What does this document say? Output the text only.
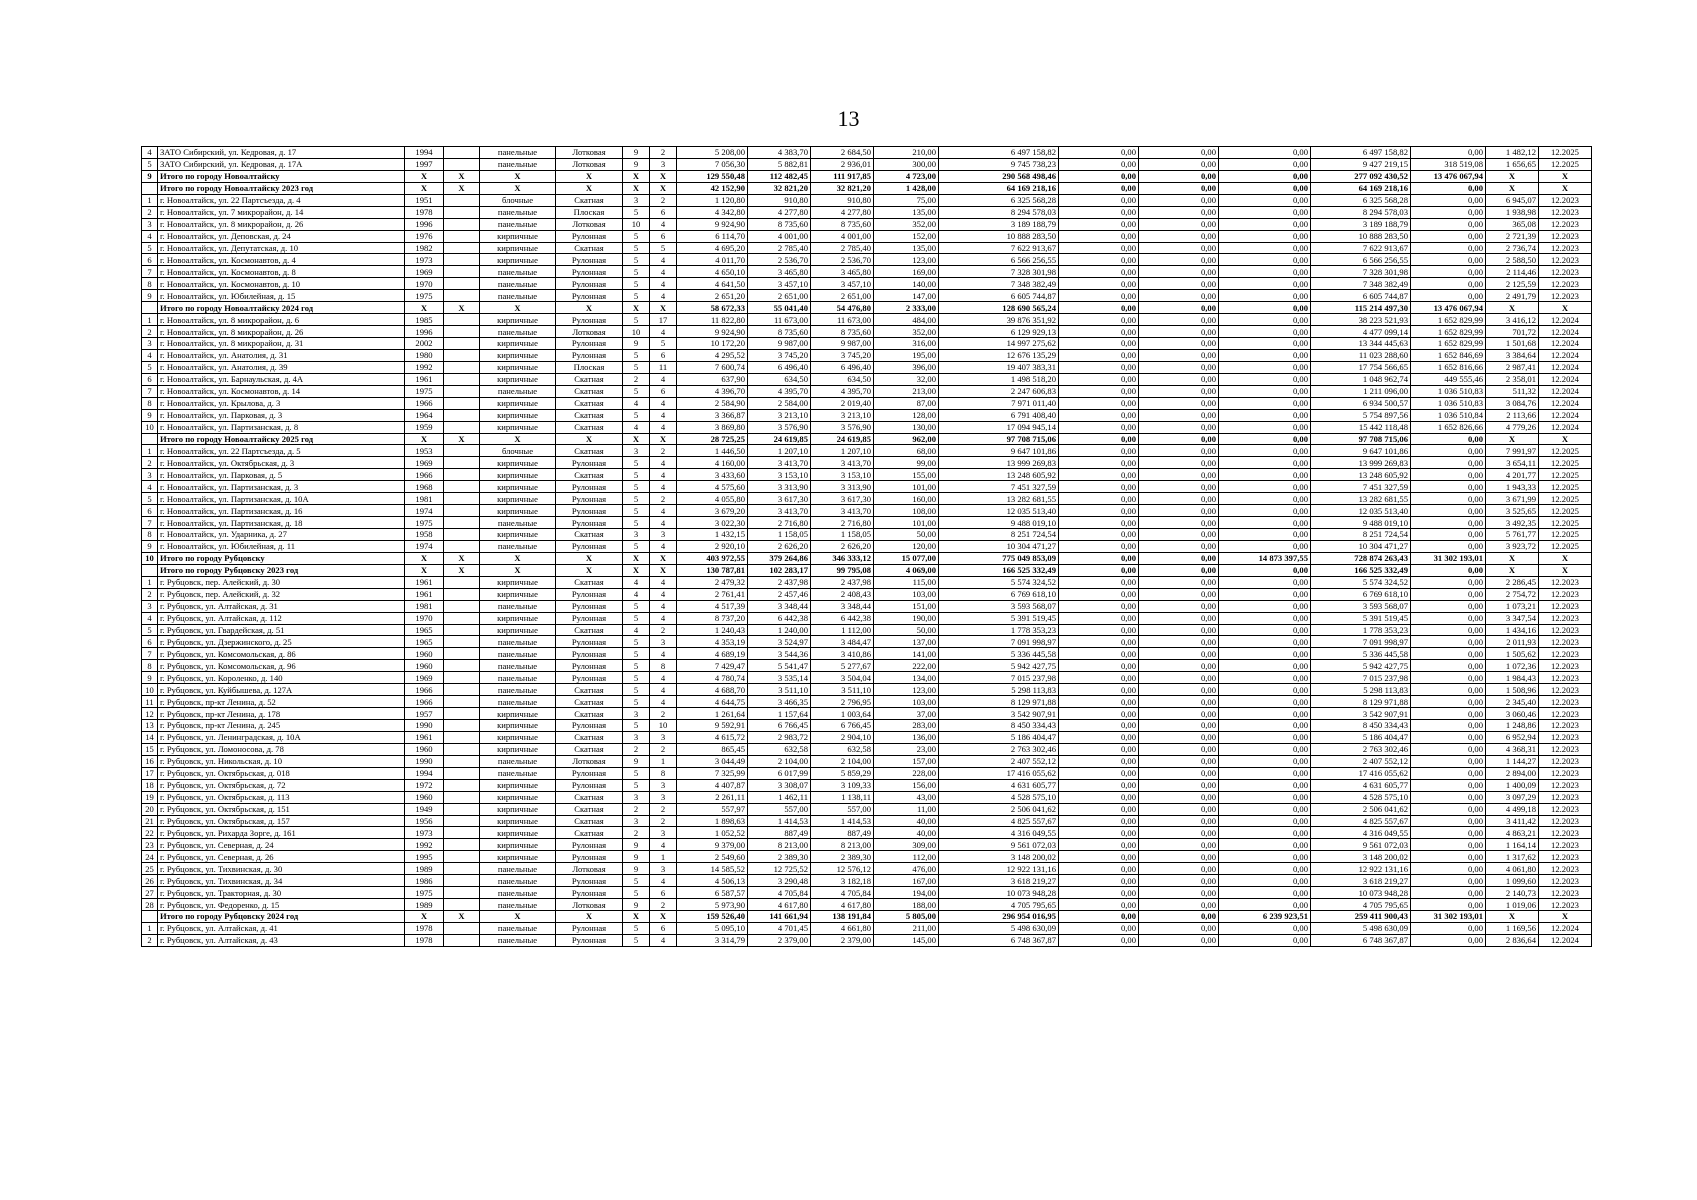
13
4	ЗАТО Сибирский, ул. Кедровая, д. 17	1994		панельные	Лотковая	9	2	5 208,00	4 383,70	2 684,50	210,00	6 497 158,82	0,00	0,00	0,00	6 497 158,82	0,00	1 482,12	12.2025
5	ЗАТО Сибирский, ул. Кедровая, д. 17А	1997		панельные	Лотковая	9	3	7 056,30	5 882,81	2 936,01	300,00	9 745 738,23	0,00	0,00	0,00	9 427 219,15	318 519,08	1 656,65	12.2025
9	Итого по городу Новоалтайску	X	X	X	X	X	X	129 550,48	112 482,45	111 917,85	4 723,00	290 568 498,46	0,00	0,00	0,00	277 092 430,52	13 476 067,94	X	X
	Итого по городу Новоалтайску 2023 год	X	X	X	X	X	X	42 152,90	32 821,20	32 821,20	1 428,00	64 169 218,16	0,00	0,00	0,00	64 169 218,16	0,00	X	X
1	г. Новоалтайск, ул. 22 Партсъезда, д. 4	1951		блочные	Скатная	3	2	1 120,80	910,80	910,80	75,00	6 325 568,28	0,00	0,00	0,00	6 325 568,28	0,00	6 945,07	12.2023
2	г. Новоалтайск, ул. 7 микрорайон, д. 14	1978		панельные	Плоская	5	6	4 342,80	4 277,80	4 277,80	135,00	8 294 578,03	0,00	0,00	0,00	8 294 578,03	0,00	1 938,98	12.2023
3	г. Новоалтайск, ул. 8 микрорайон, д. 26	1996		панельные	Лотковая	10	4	9 924,90	8 735,60	8 735,60	352,00	3 189 188,79	0,00	0,00	0,00	3 189 188,79	0,00	365,08	12.2023
4	г. Новоалтайск, ул. Деповская, д. 24	1976		кирпичные	Рулонная	5	6	6 114,70	4 001,00	4 001,00	152,00	10 888 283,50	0,00	0,00	0,00	10 888 283,50	0,00	2 721,39	12.2023
5	г. Новоалтайск, ул. Депутатская, д. 10	1982		кирпичные	Скатная	5	5	4 695,20	2 785,40	2 785,40	135,00	7 622 913,67	0,00	0,00	0,00	7 622 913,67	0,00	2 736,74	12.2023
6	г. Новоалтайск, ул. Космонавтов, д. 4	1973		кирпичные	Рулонная	5	4	4 011,70	2 536,70	2 536,70	123,00	6 566 256,55	0,00	0,00	0,00	6 566 256,55	0,00	2 588,50	12.2023
7	г. Новоалтайск, ул. Космонавтов, д. 8	1969		панельные	Рулонная	5	4	4 650,10	3 465,80	3 465,80	169,00	7 328 301,98	0,00	0,00	0,00	7 328 301,98	0,00	2 114,46	12.2023
8	г. Новоалтайск, ул. Космонавтов, д. 10	1970		панельные	Рулонная	5	4	4 641,50	3 457,10	3 457,10	140,00	7 348 382,49	0,00	0,00	0,00	7 348 382,49	0,00	2 125,59	12.2023
9	г. Новоалтайск, ул. Юбилейная, д. 15	1975		панельные	Рулонная	5	4	2 651,20	2 651,00	2 651,00	147,00	6 605 744,87	0,00	0,00	0,00	6 605 744,87	0,00	2 491,79	12.2023
	Итого по городу Новоалтайску 2024 год	X	X	X	X	X	X	58 672,33	55 041,40	54 476,80	2 333,00	128 690 565,24	0,00	0,00	0,00	115 214 497,30	13 476 067,94	X	X
1	г. Новоалтайск, ул. 8 микрорайон, д. 6	1985		кирпичные	Рулонная	5	17	11 822,80	11 673,00	11 673,00	484,00	39 876 351,92	0,00	0,00	0,00	38 223 521,93	1 652 829,99	3 416,12	12.2024
2	г. Новоалтайск, ул. 8 микрорайон, д. 26	1996		панельные	Лотковая	10	4	9 924,90	8 735,60	8 735,60	352,00	6 129 929,13	0,00	0,00	0,00	4 477 099,14	1 652 829,99	701,72	12.2024
3	г. Новоалтайск, ул. 8 микрорайон, д. 31	2002		кирпичные	Рулонная	9	5	10 172,20	9 987,00	9 987,00	316,00	14 997 275,62	0,00	0,00	0,00	13 344 445,63	1 652 829,99	1 501,68	12.2024
4	г. Новоалтайск, ул. Анатолия, д. 31	1980		кирпичные	Рулонная	5	6	4 295,52	3 745,20	3 745,20	195,00	12 676 135,29	0,00	0,00	0,00	11 023 288,60	1 652 846,69	3 384,64	12.2024
5	г. Новоалтайск, ул. Анатолия, д. 39	1992		кирпичные	Плоская	5	11	7 600,74	6 496,40	6 496,40	396,00	19 407 383,31	0,00	0,00	0,00	17 754 566,65	1 652 816,66	2 987,41	12.2024
6	г. Новоалтайск, ул. Барнаульская, д. 4А	1961		кирпичные	Скатная	2	4	637,90	634,50	634,50	32,00	1 498 518,20	0,00	0,00	0,00	1 048 962,74	449 555,46	2 358,01	12.2024
7	г. Новоалтайск, ул. Космонавтов, д. 14	1975		панельные	Скатная	5	6	4 396,70	4 395,70	4 395,70	213,00	2 247 606,83	0,00	0,00	0,00	1 211 096,00	1 036 510,83	511,32	12.2024
8	г. Новоалтайск, ул. Крылова, д. 3	1966		кирпичные	Скатная	4	4	2 584,90	2 584,00	2 019,40	87,00	7 971 011,40	0,00	0,00	0,00	6 934 500,57	1 036 510,83	3 084,76	12.2024
9	г. Новоалтайск, ул. Парковая, д. 3	1964		кирпичные	Скатная	5	4	3 366,87	3 213,10	3 213,10	128,00	6 791 408,40	0,00	0,00	0,00	5 754 897,56	1 036 510,84	2 113,66	12.2024
10	г. Новоалтайск, ул. Партизанская, д. 8	1959		кирпичные	Скатная	4	4	3 869,80	3 576,90	3 576,90	130,00	17 094 945,14	0,00	0,00	0,00	15 442 118,48	1 652 826,66	4 779,26	12.2024
	Итого по городу Новоалтайску 2025 год	X	X	X	X	X	X	28 725,25	24 619,85	24 619,85	962,00	97 708 715,06	0,00	0,00	0,00	97 708 715,06	0,00	X	X
1	г. Новоалтайск, ул. 22 Партсъезда, д. 5	1953		блочные	Скатная	3	2	1 446,50	1 207,10	1 207,10	68,00	9 647 101,86	0,00	0,00	0,00	9 647 101,86	0,00	7 991,97	12.2025
2	г. Новоалтайск, ул. Октябрьская, д. 3	1969		кирпичные	Рулонная	5	4	4 160,00	3 413,70	3 413,70	99,00	13 999 269,83	0,00	0,00	0,00	13 999 269,83	0,00	3 654,11	12.2025
3	г. Новоалтайск, ул. Парковая, д. 5	1966		кирпичные	Скатная	5	4	3 433,60	3 153,10	3 153,10	155,00	13 248 605,92	0,00	0,00	0,00	13 248 605,92	0,00	4 201,77	12.2025
4	г. Новоалтайск, ул. Партизанская, д. 3	1968		кирпичные	Рулонная	5	4	4 575,60	3 313,90	3 313,90	101,00	7 451 327,59	0,00	0,00	0,00	7 451 327,59	0,00	1 943,33	12.2025
5	г. Новоалтайск, ул. Партизанская, д. 10А	1981		кирпичные	Рулонная	5	2	4 055,80	3 617,30	3 617,30	160,00	13 282 681,55	0,00	0,00	0,00	13 282 681,55	0,00	3 671,99	12.2025
6	г. Новоалтайск, ул. Партизанская, д. 16	1974		кирпичные	Рулонная	5	4	3 679,20	3 413,70	3 413,70	108,00	12 035 513,40	0,00	0,00	0,00	12 035 513,40	0,00	3 525,65	12.2025
7	г. Новоалтайск, ул. Партизанская, д. 18	1975		панельные	Рулонная	5	4	3 022,30	2 716,80	2 716,80	101,00	9 488 019,10	0,00	0,00	0,00	9 488 019,10	0,00	3 492,35	12.2025
8	г. Новоалтайск, ул. Ударника, д. 27	1958		кирпичные	Скатная	3	3	1 432,15	1 158,05	1 158,05	50,00	8 251 724,54	0,00	0,00	0,00	8 251 724,54	0,00	5 761,77	12.2025
9	г. Новоалтайск, ул. Юбилейная, д. 11	1974		панельные	Рулонная	5	4	2 920,10	2 626,20	2 626,20	120,00	10 304 471,27	0,00	0,00	0,00	10 304 471,27	0,00	3 923,72	12.2025
10	Итого по городу Рубцовску	X	X	X	X	X	X	403 972,55	379 264,86	346 333,12	15 077,00	775 049 853,09	0,00	0,00	14 873 397,55	728 874 263,43	31 302 193,01	X	X
	Итого по городу Рубцовску 2023 год	X	X	X	X	X	X	130 787,81	102 283,17	99 795,08	4 069,00	166 525 332,49	0,00	0,00	0,00	166 525 332,49	0,00	X	X
1	г. Рубцовск, пер. Алейский, д. 30	1961		кирпичные	Скатная	4	4	2 479,32	2 437,98	2 437,98	115,00	5 574 324,52	0,00	0,00	0,00	5 574 324,52	0,00	2 286,45	12.2023
2	г. Рубцовск, пер. Алейский, д. 32	1961		кирпичные	Рулонная	4	4	2 761,41	2 457,46	2 408,43	103,00	6 769 618,10	0,00	0,00	0,00	6 769 618,10	0,00	2 754,72	12.2023
3	г. Рубцовск, ул. Алтайская, д. 31	1981		панельные	Рулонная	5	4	4 517,39	3 348,44	3 348,44	151,00	3 593 568,07	0,00	0,00	0,00	3 593 568,07	0,00	1 073,21	12.2023
4	г. Рубцовск, ул. Алтайская, д. 112	1970		кирпичные	Рулонная	5	4	8 737,20	6 442,38	6 442,38	190,00	5 391 519,45	0,00	0,00	0,00	5 391 519,45	0,00	3 347,54	12.2023
5	г. Рубцовск, ул. Гвардейская, д. 51	1965		кирпичные	Скатная	4	2	1 240,43	1 240,00	1 112,00	50,00	1 778 353,23	0,00	0,00	0,00	1 778 353,23	0,00	1 434,16	12.2023
6	г. Рубцовск, ул. Дзержинского, д. 25	1965		панельные	Рулонная	5	3	4 353,19	3 524,97	3 484,47	137,00	7 091 998,97	0,00	0,00	0,00	7 091 998,97	0,00	2 011,93	12.2023
7	г. Рубцовск, ул. Комсомольская, д. 86	1960		панельные	Рулонная	5	4	4 689,19	3 544,36	3 410,86	141,00	5 336 445,58	0,00	0,00	0,00	5 336 445,58	0,00	1 505,62	12.2023
8	г. Рубцовск, ул. Комсомольская, д. 96	1960		панельные	Рулонная	5	8	7 429,47	5 541,47	5 277,67	222,00	5 942 427,75	0,00	0,00	0,00	5 942 427,75	0,00	1 072,36	12.2023
9	г. Рубцовск, ул. Короленко, д. 140	1969		панельные	Рулонная	5	4	4 780,74	3 535,14	3 504,04	134,00	7 015 237,98	0,00	0,00	0,00	7 015 237,98	0,00	1 984,43	12.2023
10	г. Рубцовск, ул. Куйбышева, д. 127А	1966		панельные	Скатная	5	4	4 688,70	3 511,10	3 511,10	123,00	5 298 113,83	0,00	0,00	0,00	5 298 113,83	0,00	1 508,96	12.2023
11	г. Рубцовск, пр-кт Ленина, д. 52	1966		панельные	Скатная	5	4	4 644,75	3 466,35	2 796,95	103,00	8 129 971,88	0,00	0,00	0,00	8 129 971,88	0,00	2 345,40	12.2023
12	г. Рубцовск, пр-кт Ленина, д. 178	1957		кирпичные	Скатная	3	2	1 261,64	1 157,64	1 003,64	37,00	3 542 907,91	0,00	0,00	0,00	3 542 907,91	0,00	3 060,46	12.2023
13	г. Рубцовск, пр-кт Ленина, д. 245	1990		кирпичные	Рулонная	5	10	9 592,91	6 766,45	6 766,45	283,00	8 450 334,43	0,00	0,00	0,00	8 450 334,43	0,00	1 248,86	12.2023
14	г. Рубцовск, ул. Ленинградская, д. 10А	1961		кирпичные	Скатная	3	3	4 615,72	2 983,72	2 904,10	136,00	5 186 404,47	0,00	0,00	0,00	5 186 404,47	0,00	6 952,94	12.2023
15	г. Рубцовск, ул. Ломоносова, д. 78	1960		кирпичные	Скатная	2	2	865,45	632,58	632,58	23,00	2 763 302,46	0,00	0,00	0,00	2 763 302,46	0,00	4 368,31	12.2023
16	г. Рубцовск, ул. Никольская, д. 10	1990		панельные	Лотковая	9	1	3 044,49	2 104,00	2 104,00	157,00	2 407 552,12	0,00	0,00	0,00	2 407 552,12	0,00	1 144,27	12.2023
17	г. Рубцовск, ул. Октябрьская, д. 018	1994		панельные	Рулонная	5	8	7 325,99	6 017,99	5 859,29	228,00	17 416 055,62	0,00	0,00	0,00	17 416 055,62	0,00	2 894,00	12.2023
18	г. Рубцовск, ул. Октябрьская, д. 72	1972		кирпичные	Рулонная	5	3	4 407,87	3 308,07	3 109,33	156,00	4 631 605,77	0,00	0,00	0,00	4 631 605,77	0,00	1 400,09	12.2023
19	г. Рубцовск, ул. Октябрьская, д. 113	1960		кирпичные	Скатная	3	3	2 261,11	1 462,11	1 138,11	43,00	4 528 575,10	0,00	0,00	0,00	4 528 575,10	0,00	3 097,29	12.2023
20	г. Рубцовск, ул. Октябрьская, д. 151	1949		кирпичные	Скатная	2	2	557,97	557,00	557,00	11,00	2 506 041,62	0,00	0,00	0,00	2 506 041,62	0,00	4 499,18	12.2023
21	г. Рубцовск, ул. Октябрьская, д. 157	1956		кирпичные	Скатная	3	2	1 898,63	1 414,53	1 414,53	40,00	4 825 557,67	0,00	0,00	0,00	4 825 557,67	0,00	3 411,42	12.2023
22	г. Рубцовск, ул. Рихарда Зорге, д. 161	1973		кирпичные	Скатная	2	3	1 052,52	887,49	887,49	40,00	4 316 049,55	0,00	0,00	0,00	4 316 049,55	0,00	4 863,21	12.2023
23	г. Рубцовск, ул. Северная, д. 24	1992		кирпичные	Рулонная	9	4	9 379,00	8 213,00	8 213,00	309,00	9 561 072,03	0,00	0,00	0,00	9 561 072,03	0,00	1 164,14	12.2023
24	г. Рубцовск, ул. Северная, д. 26	1995		кирпичные	Рулонная	9	1	2 549,60	2 389,30	2 389,30	112,00	3 148 200,02	0,00	0,00	0,00	3 148 200,02	0,00	1 317,62	12.2023
25	г. Рубцовск, ул. Тихвинская, д. 30	1989		панельные	Лотковая	9	3	14 585,52	12 725,52	12 576,12	476,00	12 922 131,16	0,00	0,00	0,00	12 922 131,16	0,00	4 061,80	12.2023
26	г. Рубцовск, ул. Тихвинская, д. 34	1986		панельные	Рулонная	5	4	4 506,13	3 290,48	3 182,18	167,00	3 618 219,27	0,00	0,00	0,00	3 618 219,27	0,00	1 099,60	12.2023
27	г. Рубцовск, ул. Тракторная, д. 30	1975		панельные	Рулонная	5	6	6 587,57	4 705,84	4 705,84	194,00	10 073 948,28	0,00	0,00	0,00	10 073 948,28	0,00	2 140,73	12.2023
28	г. Рубцовск, ул. Федоренко, д. 15	1989		панельные	Лотковая	9	2	5 973,90	4 617,80	4 617,80	188,00	4 705 795,65	0,00	0,00	0,00	4 705 795,65	0,00	1 019,06	12.2023
	Итого по городу Рубцовску 2024 год	X	X	X	X	X	X	159 526,40	141 661,94	138 191,84	5 805,00	296 954 016,95	0,00	0,00	6 239 923,51	259 411 900,43	31 302 193,01	X	X
1	г. Рубцовск, ул. Алтайская, д. 41	1978		панельные	Рулонная	5	6	5 095,10	4 701,45	4 661,80	211,00	5 498 630,09	0,00	0,00	0,00	5 498 630,09	0,00	1 169,56	12.2024
2	г. Рубцовск, ул. Алтайская, д. 43	1978		панельные	Рулонная	5	4	3 314,79	2 379,00	2 379,00	145,00	6 748 367,87	0,00	0,00	0,00	6 748 367,87	0,00	2 836,64	12.2024
